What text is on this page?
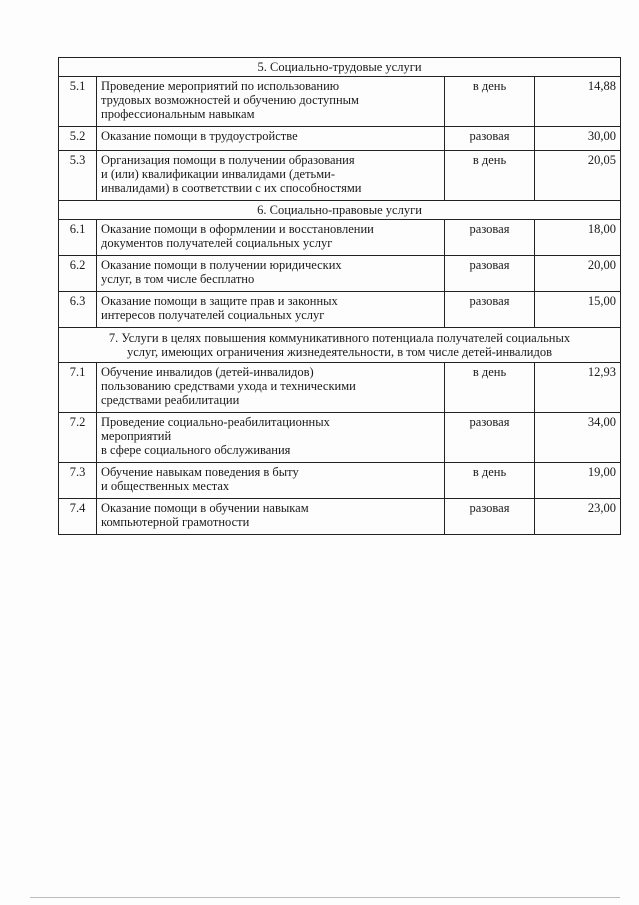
5. Социально-трудовые услуги			
5.1	Проведение мероприятий по использованию
трудовых возможностей и обучению доступным
профессиональным навыкам	в день	14,88
5.2	Оказание помощи в трудоустройстве	разовая	30,00
5.3	Организация помощи в получении образования
и (или) квалификации инвалидами (детьми-
инвалидами) в соответствии с их способностями	в день	20,05
6. Социально-правовые услуги			
6.1	Оказание помощи в оформлении и восстановлении
документов получателей социальных услуг	разовая	18,00
6.2	Оказание помощи в получении юридических
услуг, в том числе бесплатно	разовая	20,00
6.3	Оказание помощи в защите прав и законных
интересов получателей социальных услуг	разовая	15,00

7. Услуги в целях повышения коммуникативного потенциала получателей социальных
услуг, имеющих ограничения жизнедеятельности, в том числе детей-инвалидов			

7.1	Обучение инвалидов (детей-инвалидов)
пользованию средствами ухода и техническими
средствами реабилитации	в день	12,93
7.2	Проведение социально-реабилитационных
мероприятий
в сфере социального обслуживания	разовая	34,00
7.3	Обучение навыкам поведения в быту
и общественных местах	в день	19,00
7.4	Оказание помощи в обучении навыкам
компьютерной грамотности	разовая	23,00
